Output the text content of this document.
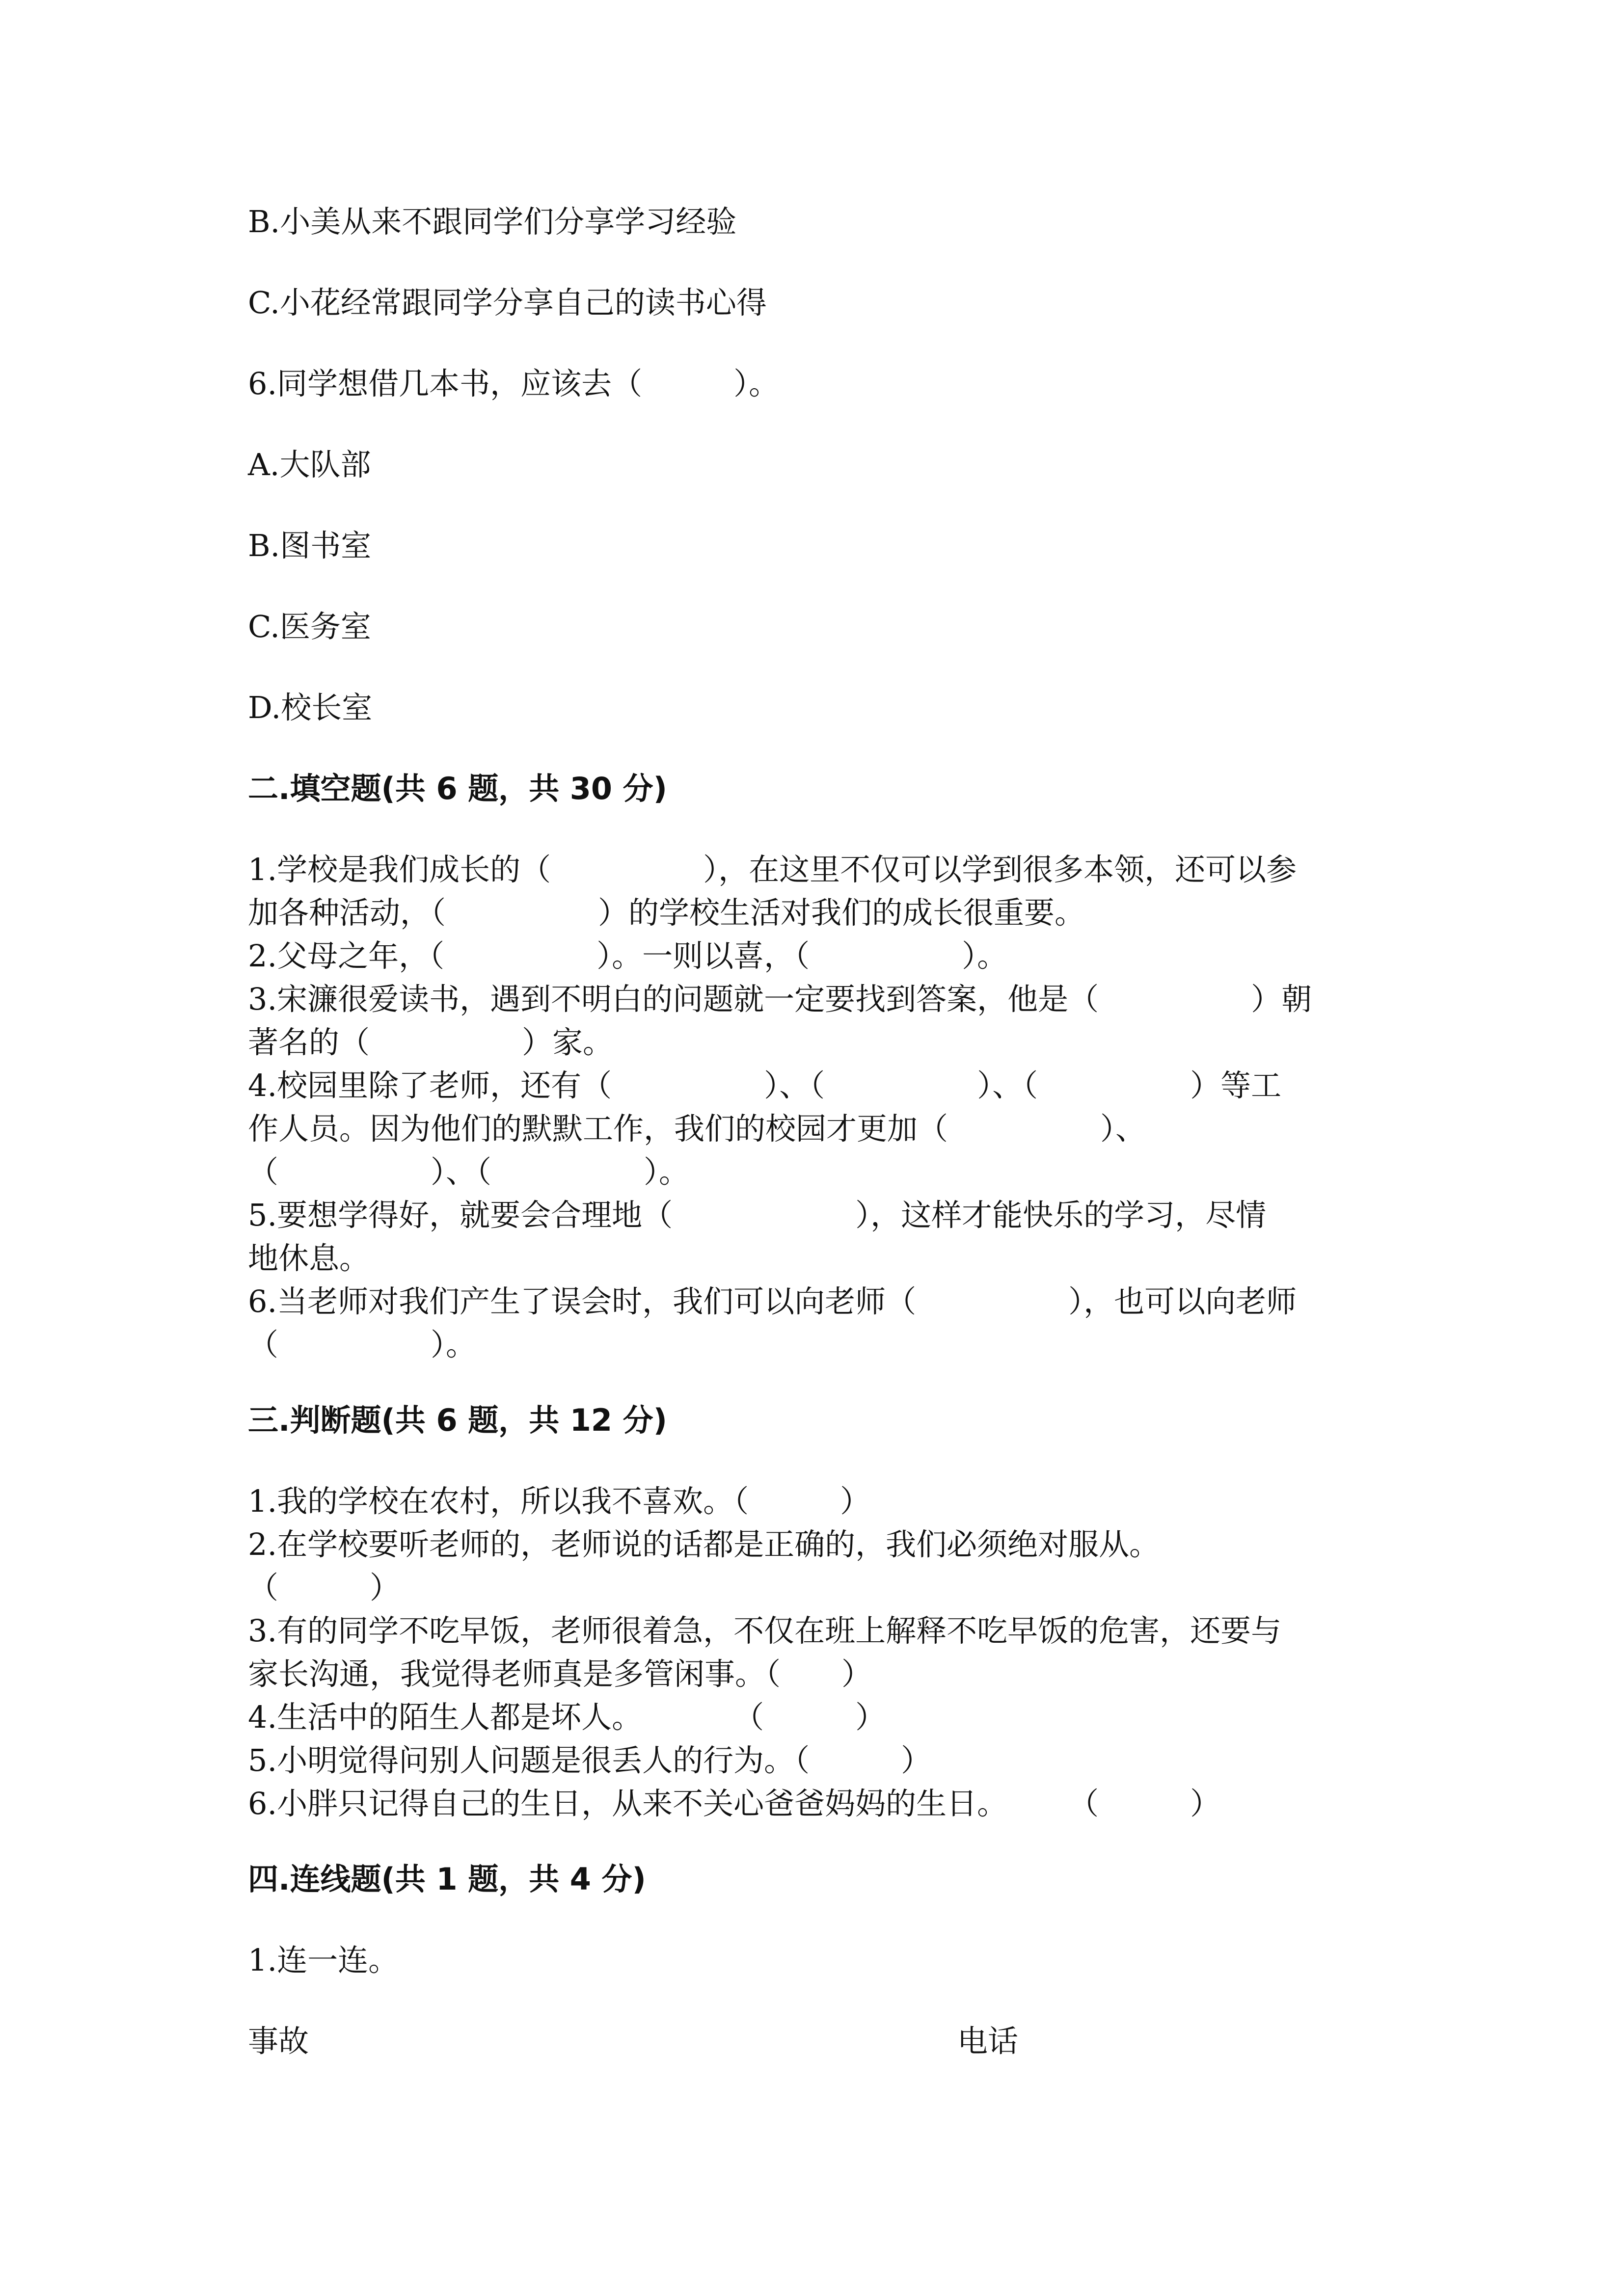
B.小美从来不跟同学们分享学习经验
C.小花经常跟同学分享自己的读书心得
6.同学想借几本书，应该去（　　　）。
A.大队部
B.图书室
C.医务室
D.校长室
二.填空题(共 6 题，共 30 分)
1.学校是我们成长的（　　　　　），在这里不仅可以学到很多本领，还可以参
加各种活动，（　　　　　）的学校生活对我们的成长很重要。
2.父母之年，（　　　　　）。一则以喜，（　　　　　）。
3.宋濂很爱读书，遇到不明白的问题就一定要找到答案，他是（　　　　　）朝
著名的（　　　　　）家。
4.校园里除了老师，还有（　　　　　）、（　　　　　）、（　　　　　）等工
作人员。因为他们的默默工作，我们的校园才更加（　　　　　）、
（　　　　　）、（　　　　　）。
5.要想学得好，就要会合理地（　　　　　　），这样才能快乐的学习，尽情
地休息。
6.当老师对我们产生了误会时，我们可以向老师（　　　　　），也可以向老师
（　　　　　）。
三.判断题(共 6 题，共 12 分)
1.我的学校在农村，所以我不喜欢。（　　　）
2.在学校要听老师的，老师说的话都是正确的，我们必须绝对服从。
（　　　）
3.有的同学不吃早饭，老师很着急，不仅在班上解释不吃早饭的危害，还要与
家长沟通，我觉得老师真是多管闲事。（　　）
4.生活中的陌生人都是坏人。　　　　（　　　）
5.小明觉得问别人问题是很丢人的行为。（　　　）
6.小胖只记得自己的生日，从来不关心爸爸妈妈的生日。　　　（　　　）
四.连线题(共 1 题，共 4 分)
1.连一连。
事故	电话
